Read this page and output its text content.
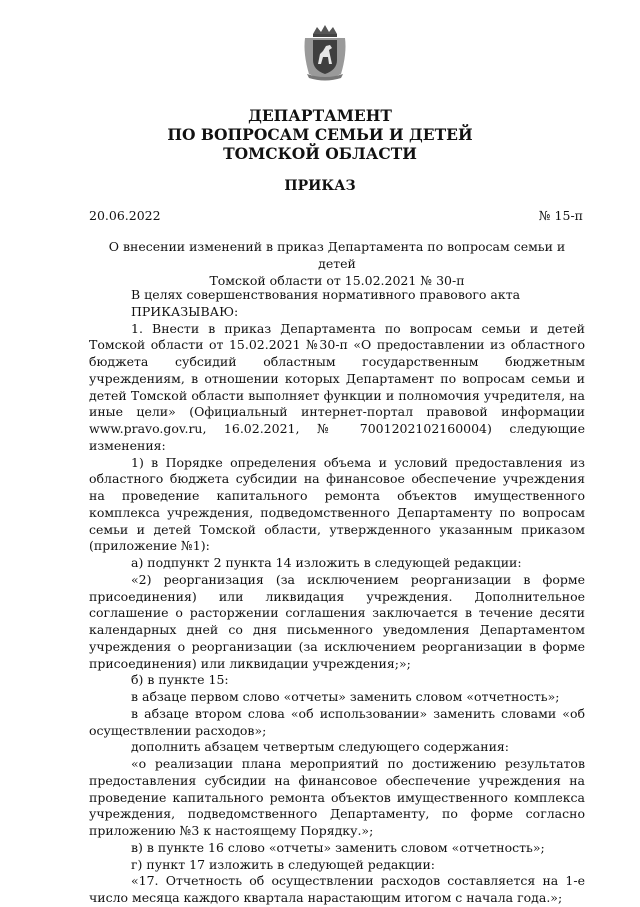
ДЕПАРТАМЕНТ
ПО ВОПРОСАМ СЕМЬИ И ДЕТЕЙ
ТОМСКОЙ ОБЛАСТИ
ПРИКАЗ
20.06.2022	№ 15-п
О внесении изменений в приказ Департамента по вопросам семьи и детей
Томской области от 15.02.2021 № 30-п

В целях совершенствования нормативного правового акта

ПРИКАЗЫВАЮ:

1. Внести в приказ Департамента по вопросам семьи и детей Томской области от 15.02.2021 №30-п «О предоставлении из областного бюджета субсидий областным государственным бюджетным учреждениям, в отношении которых Департамент по вопросам семьи и детей Томской области выполняет функции и полномочия учредителя, на иные цели» (Официальный интернет-портал правовой информации www.pravo.gov.ru, 16.02.2021, № 7001202102160004) следующие изменения:

1) в Порядке определения объема и условий предоставления из областного бюджета субсидии на финансовое обеспечение учреждения на проведение капитального ремонта объектов имущественного комплекса учреждения, подведомственного Департаменту по вопросам семьи и детей Томской области, утвержденного указанным приказом (приложение №1):

а) подпункт 2 пункта 14 изложить в следующей редакции:

«2) реорганизация (за исключением реорганизации в форме присоединения) или ликвидация учреждения. Дополнительное соглашение о расторжении соглашения заключается в течение десяти календарных дней со дня письменного уведомления Департаментом учреждения о реорганизации (за исключением реорганизации в форме присоединения) или ликвидации учреждения;»;

б) в пункте 15:

в абзаце первом слово «отчеты» заменить словом «отчетность»;

в абзаце втором слова «об использовании» заменить словами «об осуществлении расходов»;

дополнить абзацем четвертым следующего содержания:

«о реализации плана мероприятий по достижению результатов предоставления субсидии на финансовое обеспечение учреждения на проведение капитального ремонта объектов имущественного комплекса учреждения, подведомственного Департаменту, по форме согласно приложению №3 к настоящему Порядку.»;

в) в пункте 16 слово «отчеты» заменить словом «отчетность»;

г) пункт 17 изложить в следующей редакции:

«17. Отчетность об осуществлении расходов составляется на 1-е число месяца каждого квартала нарастающим итогом с начала года.»;
